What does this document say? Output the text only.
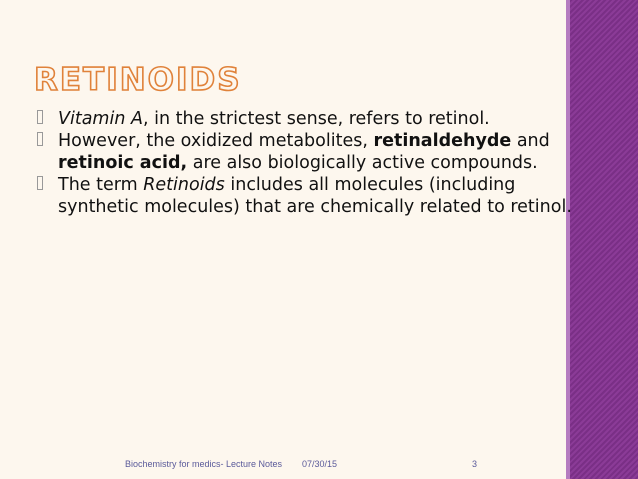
RETINOIDS
Vitamin A, in the strictest sense, refers to retinol.
However, the oxidized metabolites, retinaldehyde and retinoic acid, are also biologically active compounds.
The term Retinoids includes all molecules (including synthetic molecules) that are chemically related to retinol.

Biochemistry for medics- Lecture Notes 07/30/15	3
